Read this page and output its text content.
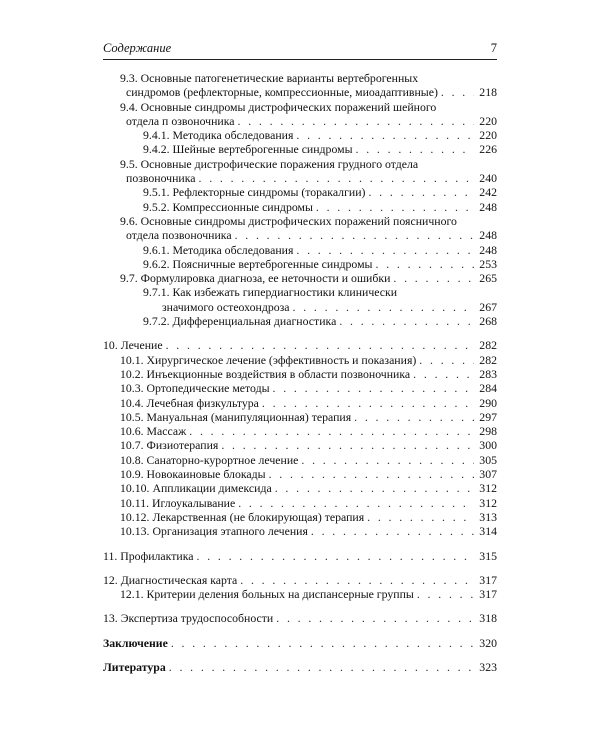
Содержание	7
9.3. Основные патогенетические варианты вертеброгенных
синдромов (рефлекторные, компрессионные, миоадаптивные) . . .	218
9.4. Основные синдромы дистрофических поражений шейного
отдела п озвоночника . . .	220
9.4.1. Методика обследования . . .	220
9.4.2. Шейные вертеброгенные синдромы . . .	226
9.5. Основные дистрофические поражения грудного отдела
позвоночника . . .	240
9.5.1. Рефлекторные синдромы (торакалгии) . . .	242
9.5.2. Компрессионные синдромы . . .	248
9.6. Основные синдромы дистрофических поражений поясничного
отдела позвоночника . . .	248
9.6.1. Методика обследования . . .	248
9.6.2. Поясничные вертеброгенные синдромы . . .	253
9.7. Формулировка диагноза, ее неточности и ошибки . . .	265
9.7.1. Как избежать гипердиагностики клинически
значимого остеохондроза . . .	267
9.7.2. Дифференциальная диагностика . . .	268
10. Лечение . . .	282
10.1. Хирургическое лечение (эффективность и показания) . . .	282
10.2. Инъекционные воздействия в области позвоночника . . .	283
10.3. Ортопедические методы . . .	284
10.4. Лечебная физкультура . . .	290
10.5. Мануальная (манипуляционная) терапия . . .	297
10.6. Массаж . . .	298
10.7. Физиотерапия . . .	300
10.8. Санаторно-курортное лечение . . .	305
10.9. Новокаиновые блокады . . .	307
10.10. Аппликации димексида . . .	312
10.11. Иглоукалывание . . .	312
10.12. Лекарственная (не блокирующая) терапия . . .	313
10.13. Организация этапного лечения . . .	314
11. Профилактика . . .	315
12. Диагностическая карта . . .	317
12.1. Критерии деления больных на диспансерные группы . . .	317
13. Экспертиза трудоспособности . . .	318
Заключение . . .	320
Литература . . .	323
